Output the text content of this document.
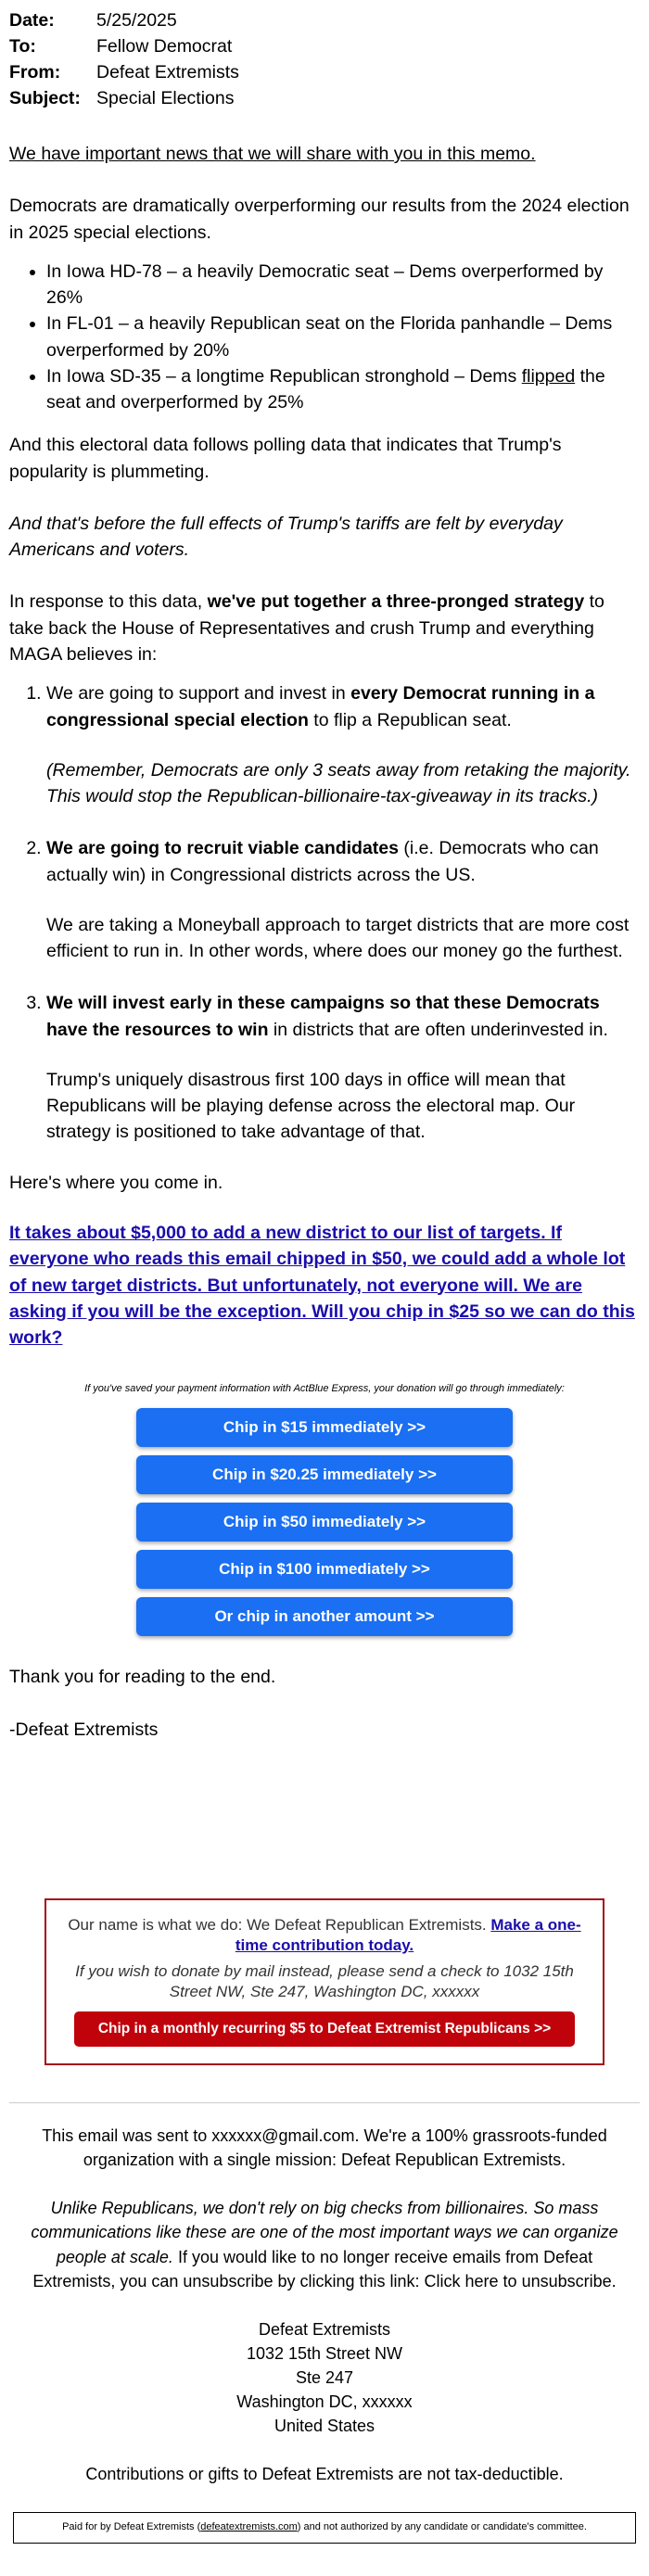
Date:	5/25/2025
To:	Fellow Democrat
From:	Defeat Extremists
Subject: Special Elections

We have important news that we will share with you in this memo.

Democrats are dramatically overperforming our results from the 2024 election in 2025 special elections.

• In Iowa HD-78 – a heavily Democratic seat – Dems overperformed by 26%
• In FL-01 – a heavily Republican seat on the Florida panhandle – Dems overperformed by 20%
• In Iowa SD-35 – a longtime Republican stronghold – Dems flipped the seat and overperformed by 25%

And this electoral data follows polling data that indicates that Trump's popularity is plummeting.

And that's before the full effects of Trump's tariffs are felt by everyday Americans and voters.

In response to this data, we've put together a three-pronged strategy to take back the House of Representatives and crush Trump and everything MAGA believes in:

1. We are going to support and invest in every Democrat running in a congressional special election to flip a Republican seat.
(Remember, Democrats are only 3 seats away from retaking the majority. This would stop the Republican-billionaire-tax-giveaway in its tracks.)
2. We are going to recruit viable candidates (i.e. Democrats who can actually win) in Congressional districts across the US.
We are taking a Moneyball approach to target districts that are more cost efficient to run in. In other words, where does our money go the furthest.
3. We will invest early in these campaigns so that these Democrats have the resources to win in districts that are often underinvested in.
Trump's uniquely disastrous first 100 days in office will mean that Republicans will be playing defense across the electoral map. Our strategy is positioned to take advantage of that.

Here's where you come in.

It takes about $5,000 to add a new district to our list of targets. If everyone who reads this email chipped in $50, we could add a whole lot of new target districts. But unfortunately, not everyone will. We are asking if you will be the exception. Will you chip in $25 so we can do this work?
If you've saved your payment information with ActBlue Express, your donation will go through immediately:
Chip in $15 immediately >>
Chip in $20.25 immediately >>
Chip in $50 immediately >>
Chip in $100 immediately >>
Or chip in another amount >>

Thank you for reading to the end.

-Defeat Extremists

Our name is what we do: We Defeat Republican Extremists. Make a one-time contribution today.
If you wish to donate by mail instead, please send a check to 1032 15th Street NW, Ste 247, Washington DC, xxxxxx
Chip in a monthly recurring $5 to Defeat Extremist Republicans >>

This email was sent to xxxxxx@gmail.com. We're a 100% grassroots-funded organization with a single mission: Defeat Republican Extremists.

Unlike Republicans, we don't rely on big checks from billionaires. So mass communications like these are one of the most important ways we can organize people at scale. If you would like to no longer receive emails from Defeat Extremists, you can unsubscribe by clicking this link: Click here to unsubscribe.

Defeat Extremists
1032 15th Street NW
Ste 247
Washington DC, xxxxxx
United States

Contributions or gifts to Defeat Extremists are not tax-deductible.

Paid for by Defeat Extremists (defeatextremists.com) and not authorized by any candidate or candidate's committee.
